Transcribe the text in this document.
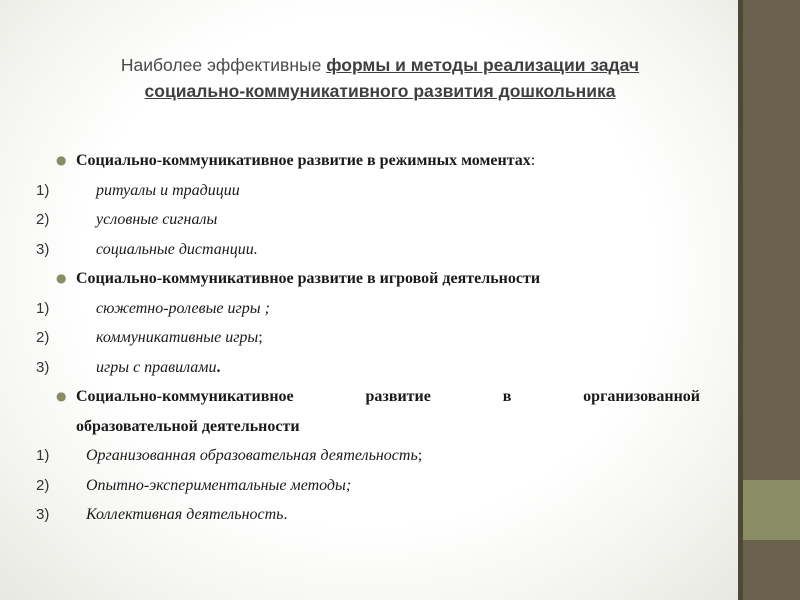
Наиболее эффективные формы и методы реализации задач
социально-коммуникативного развития дошкольника
● Социально-коммуникативное развитие в режимных моментах:
1)	ритуалы и традиции
2)	условные сигналы
3)	социальные дистанции.
● Социально-коммуникативное развитие в игровой деятельности
1)	сюжетно-ролевые игры ;
2)	коммуникативные игры;
3)	игры с правилами.
● Социально-коммуникативное развитие в организованной
образовательной деятельности
1) Организованная образовательная деятельность;
2) Опытно-экспериментальные методы;
3) Коллективная деятельность.
